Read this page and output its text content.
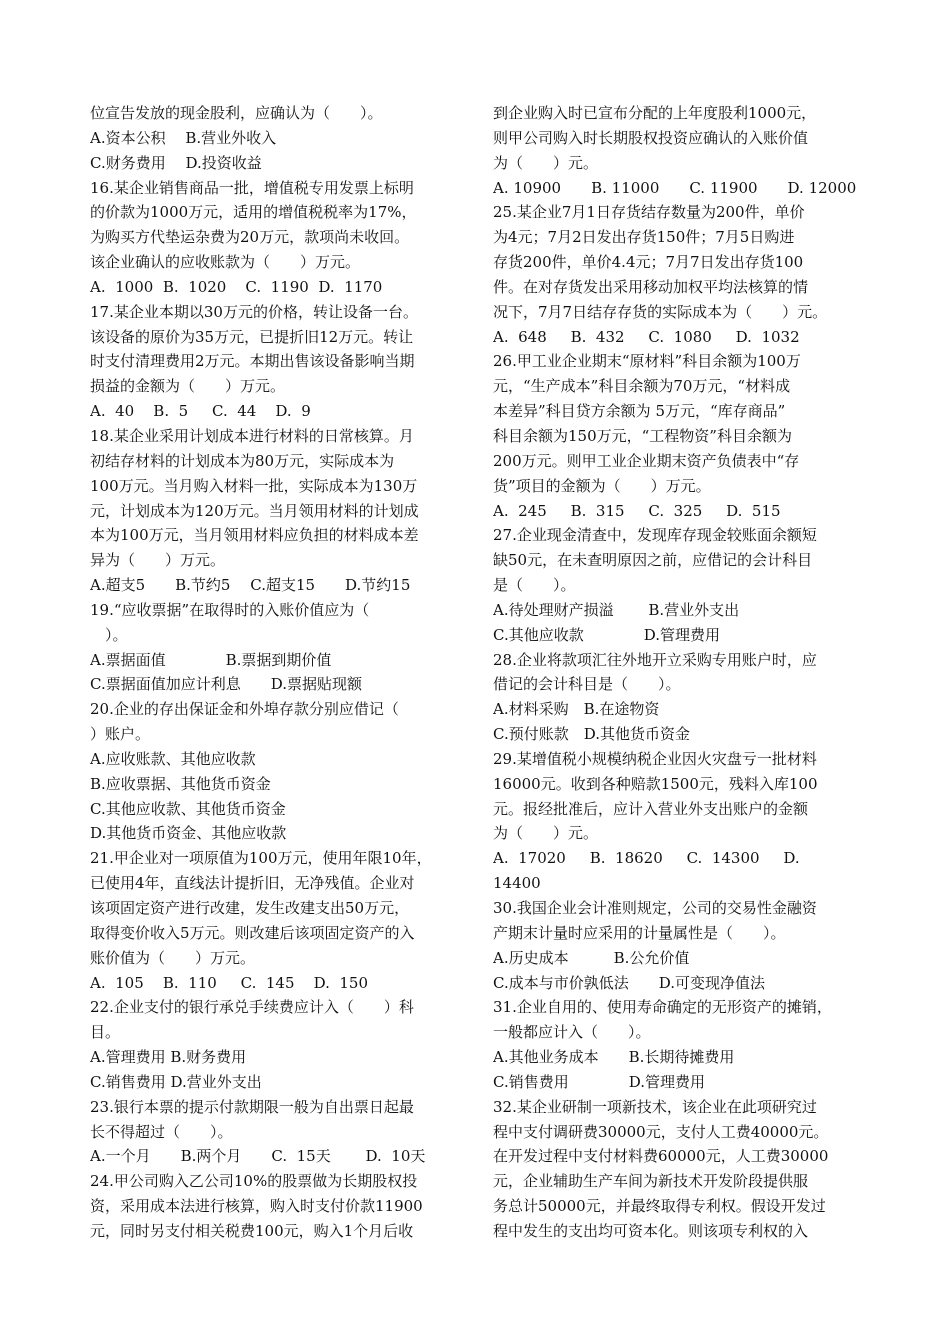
位宣告发放的现金股利，应确认为（　　）。
A.资本公积　 B.营业外收入
C.财务费用　 D.投资收益
16.某企业销售商品一批，增值税专用发票上标明
的价款为1000万元，适用的增值税税率为17%，
为购买方代垫运杂费为20万元，款项尚未收回。
该企业确认的应收账款为（　　）万元。
A.  1000  B.  1020    C.  1190  D.  1170
17.某企业本期以30万元的价格，转让设备一台。
该设备的原价为35万元，已提折旧12万元。转让
时支付清理费用2万元。本期出售该设备影响当期
损益的金额为（　　）万元。
A.  40    B.  5     C.  44    D.  9
18.某企业采用计划成本进行材料的日常核算。月
初结存材料的计划成本为80万元，实际成本为
100万元。当月购入材料一批，实际成本为130万
元，计划成本为120万元。当月领用材料的计划成
本为100万元，当月领用材料应负担的材料成本差
异为（　　）万元。
A.超支5　　B.节约5　 C.超支15　　D.节约15
19.“应收票据”在取得时的入账价值应为（
　）。
A.票据面值　　　　B.票据到期价值
C.票据面值加应计利息　　D.票据贴现额
20.企业的存出保证金和外埠存款分别应借记（
）账户。
A.应收账款、其他应收款
B.应收票据、其他货币资金
C.其他应收款、其他货币资金
D.其他货币资金、其他应收款
21.甲企业对一项原值为100万元，使用年限10年，
已使用4年，直线法计提折旧，无净残值。企业对
该项固定资产进行改建，发生改建支出50万元，
取得变价收入5万元。则改建后该项固定资产的入
账价值为（　　）万元。
A.  105    B.  110     C.  145    D.  150
22.企业支付的银行承兑手续费应计入（　　）科
目。
A.管理费用 B.财务费用
C.销售费用 D.营业外支出
23.银行本票的提示付款期限一般为自出票日起最
长不得超过（　　）。
A.一个月　　B.两个月　　C.  15天　　 D.  10天
24.甲公司购入乙公司10%的股票做为长期股权投
资，采用成本法进行核算，购入时支付价款11900
元，同时另支付相关税费100元，购入1个月后收
到企业购入时已宣布分配的上年度股利1000元，
则甲公司购入时长期股权投资应确认的入账价值
为（　　）元。
A. 10900　　B. 11000　　C. 11900　　D. 12000
25.某企业7月1日存货结存数量为200件，单价
为4元；7月2日发出存货150件；7月5日购进
存货200件，单价4.4元；7月7日发出存货100
件。在对存货发出采用移动加权平均法核算的情
况下，7月7日结存存货的实际成本为（　　）元。
A.  648     B.  432     C.  1080     D.  1032
26.甲工业企业期末“原材料”科目余额为100万
元，“生产成本”科目余额为70万元，“材料成
本差异”科目贷方余额为 5万元，“库存商品”
科目余额为150万元，“工程物资”科目余额为
200万元。则甲工业企业期末资产负债表中“存
货”项目的金额为（　　）万元。
A.  245     B.  315     C.  325     D.  515
27.企业现金清查中，发现库存现金较账面余额短
缺50元，在未查明原因之前，应借记的会计科目
是（　　）。
A.待处理财产损溢　　 B.营业外支出
C.其他应收款　　　　D.管理费用
28.企业将款项汇往外地开立采购专用账户时，应
借记的会计科目是（　　）。
A.材料采购　B.在途物资
C.预付账款　D.其他货币资金
29.某增值税小规模纳税企业因火灾盘亏一批材料
16000元。收到各种赔款1500元，残料入库100
元。报经批准后，应计入营业外支出账户的金额
为（　　）元。
A.  17020     B.  18620     C.  14300     D.
14400
30.我国企业会计准则规定，公司的交易性金融资
产期末计量时应采用的计量属性是（　　）。
A.历史成本　　　B.公允价值
C.成本与市价孰低法　　D.可变现净值法
31.企业自用的、使用寿命确定的无形资产的摊销，
一般都应计入（　　）。
A.其他业务成本　　B.长期待摊费用
C.销售费用　　　　D.管理费用
32.某企业研制一项新技术，该企业在此项研究过
程中支付调研费30000元，支付人工费40000元。
在开发过程中支付材料费60000元，人工费30000
元，企业辅助生产车间为新技术开发阶段提供服
务总计50000元，并最终取得专利权。假设开发过
程中发生的支出均可资本化。则该项专利权的入
